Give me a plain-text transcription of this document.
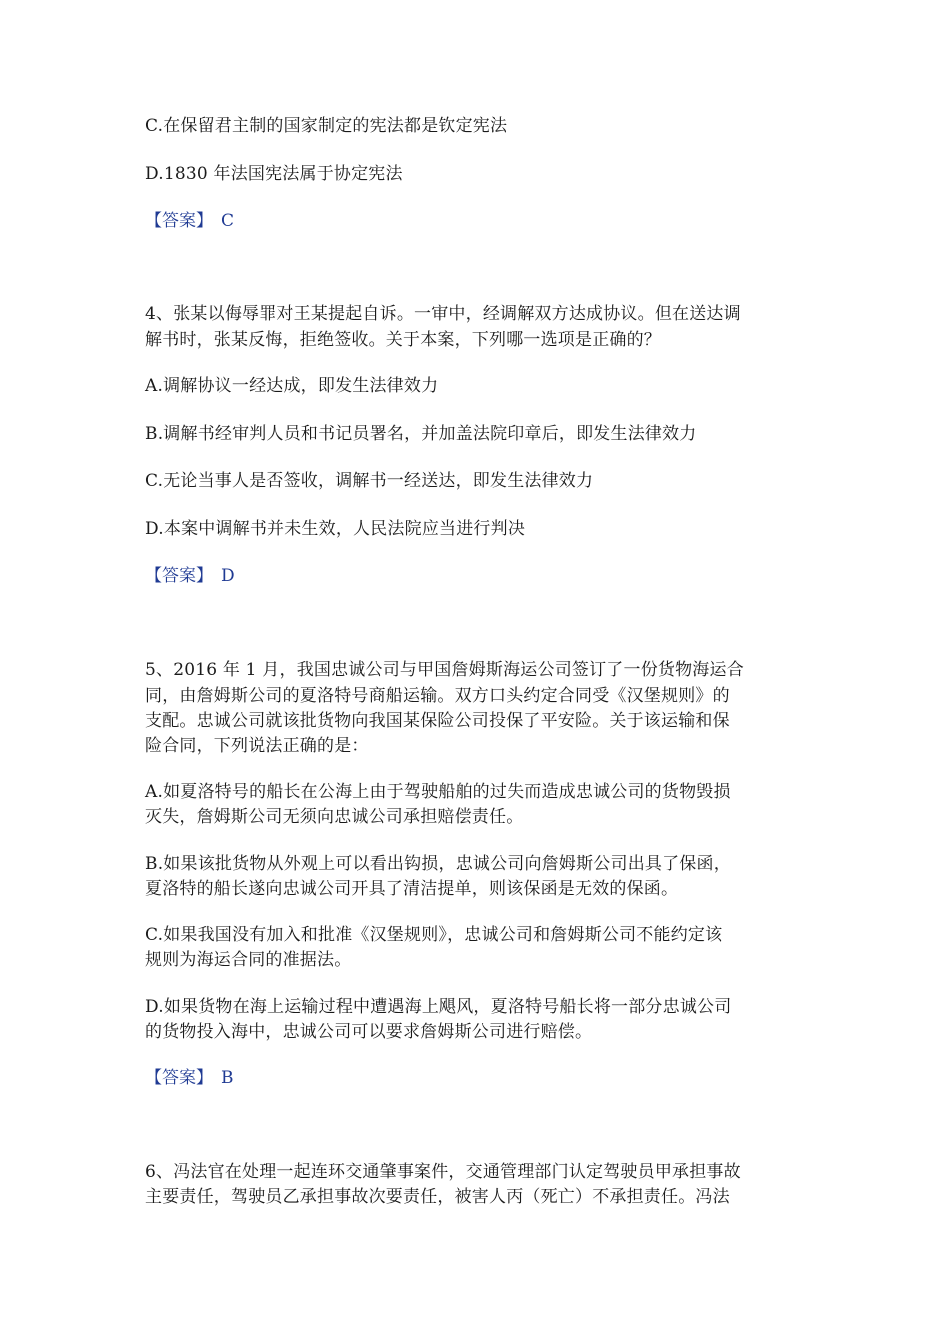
C.在保留君主制的国家制定的宪法都是钦定宪法
D.1830 年法国宪法属于协定宪法
【答案】 C
4、张某以侮辱罪对王某提起自诉。一审中，经调解双方达成协议。但在送达调
解书时，张某反悔，拒绝签收。关于本案，下列哪一选项是正确的？
A.调解协议一经达成，即发生法律效力
B.调解书经审判人员和书记员署名，并加盖法院印章后，即发生法律效力
C.无论当事人是否签收，调解书一经送达，即发生法律效力
D.本案中调解书并未生效，人民法院应当进行判决
【答案】 D
5、2016 年 1 月，我国忠诚公司与甲国詹姆斯海运公司签订了一份货物海运合
同，由詹姆斯公司的夏洛特号商船运输。双方口头约定合同受《汉堡规则》的
支配。忠诚公司就该批货物向我国某保险公司投保了平安险。关于该运输和保
险合同，下列说法正确的是：
A.如夏洛特号的船长在公海上由于驾驶船舶的过失而造成忠诚公司的货物毁损
灭失，詹姆斯公司无须向忠诚公司承担赔偿责任。
B.如果该批货物从外观上可以看出钩损，忠诚公司向詹姆斯公司出具了保函，
夏洛特的船长遂向忠诚公司开具了清洁提单，则该保函是无效的保函。
C.如果我国没有加入和批准《汉堡规则》，忠诚公司和詹姆斯公司不能约定该
规则为海运合同的准据法。
D.如果货物在海上运输过程中遭遇海上飓风，夏洛特号船长将一部分忠诚公司
的货物投入海中，忠诚公司可以要求詹姆斯公司进行赔偿。
【答案】 B
6、冯法官在处理一起连环交通肇事案件，交通管理部门认定驾驶员甲承担事故
主要责任，驾驶员乙承担事故次要责任，被害人丙（死亡）不承担责任。冯法
